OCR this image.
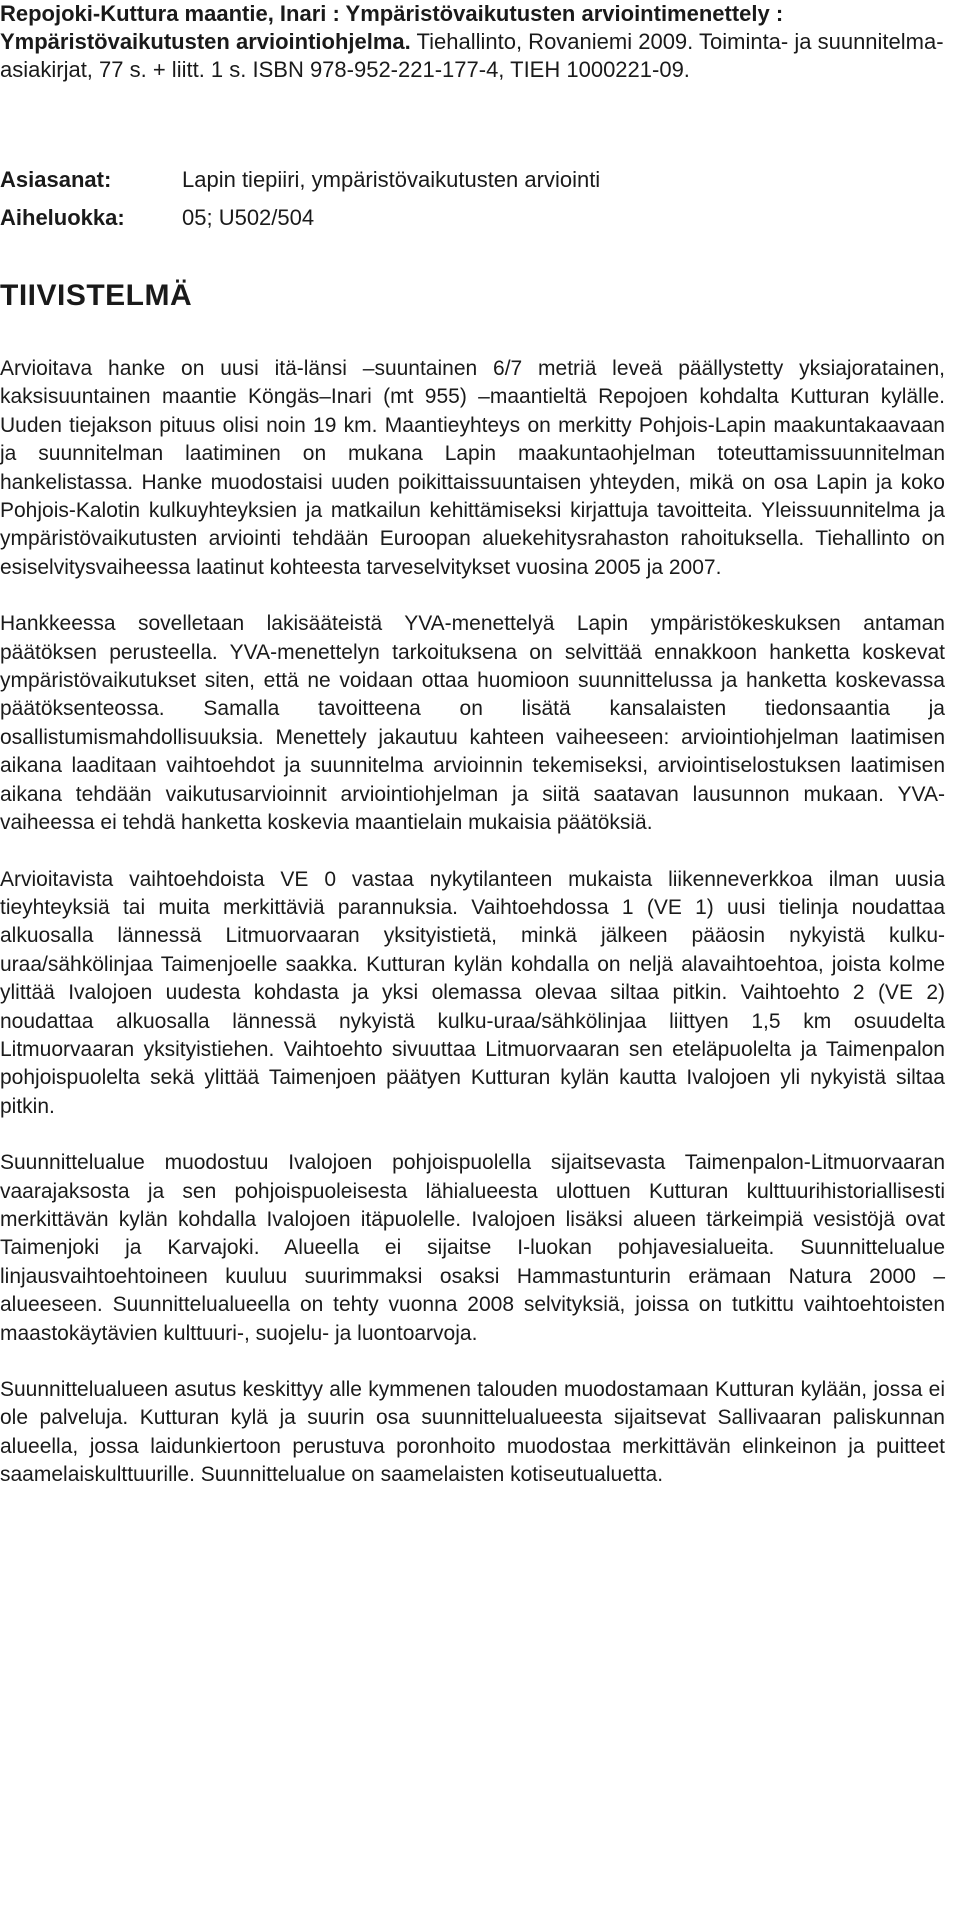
Repojoki-Kuttura maantie, Inari : Ympäristövaikutusten arviointimenettely : Ympäristövaikutusten arviointiohjelma. Tiehallinto, Rovaniemi 2009. Toiminta- ja suunnitelma-asiakirjat, 77 s. + liitt. 1 s. ISBN 978-952-221-177-4, TIEH 1000221-09.

Asiasanat:	Lapin tiepiiri, ympäristövaikutusten arviointi
Aiheluokka:	05; U502/504
TIIVISTELMÄ

Arvioitava hanke on uusi itä-länsi –suuntainen 6/7 metriä leveä päällystetty yksiajoratainen, kaksisuuntainen maantie Köngäs–Inari (mt 955) –maantieltä Repojoen kohdalta Kutturan kylälle. Uuden tiejakson pituus olisi noin 19 km. Maantieyhteys on merkitty Pohjois-Lapin maakuntakaavaan ja suunnitelman laatiminen on mukana Lapin maakuntaohjelman toteuttamissuunnitelman hankelistassa. Hanke muodostaisi uuden poikittaissuuntaisen yhteyden, mikä on osa Lapin ja koko Pohjois-Kalotin kulkuyhteyksien ja matkailun kehittämiseksi kirjattuja tavoitteita. Yleissuunnitelma ja ympäristövaikutusten arviointi tehdään Euroopan aluekehitysrahaston rahoituksella. Tiehallinto on esiselvitysvaiheessa laatinut kohteesta tarveselvitykset vuosina 2005 ja 2007.

Hankkeessa sovelletaan lakisääteistä YVA-menettelyä Lapin ympäristökeskuksen antaman päätöksen perusteella. YVA-menettelyn tarkoituksena on selvittää ennakkoon hanketta koskevat ympäristövaikutukset siten, että ne voidaan ottaa huomioon suunnittelussa ja hanketta koskevassa päätöksenteossa. Samalla tavoitteena on lisätä kansalaisten tiedonsaantia ja osallistumismahdollisuuksia. Menettely jakautuu kahteen vaiheeseen: arviointiohjelman laatimisen aikana laaditaan vaihtoehdot ja suunnitelma arvioinnin tekemiseksi, arviointiselostuksen laatimisen aikana tehdään vaikutusarvioinnit arviointiohjelman ja siitä saatavan lausunnon mukaan. YVA-vaiheessa ei tehdä hanketta koskevia maantielain mukaisia päätöksiä.

Arvioitavista vaihtoehdoista VE 0 vastaa nykytilanteen mukaista liikenneverkkoa ilman uusia tieyhteyksiä tai muita merkittäviä parannuksia. Vaihtoehdossa 1 (VE 1) uusi tielinja noudattaa alkuosalla lännessä Litmuorvaaran yksityistietä, minkä jälkeen pääosin nykyistä kulku-uraa/sähkölinjaa Taimenjoelle saakka. Kutturan kylän kohdalla on neljä alavaihtoehtoa, joista kolme ylittää Ivalojoen uudesta kohdasta ja yksi olemassa olevaa siltaa pitkin. Vaihtoehto 2 (VE 2) noudattaa alkuosalla lännessä nykyistä kulku-uraa/sähkölinjaa liittyen 1,5 km osuudelta Litmuorvaaran yksityistiehen. Vaihtoehto sivuuttaa Litmuorvaaran sen eteläpuolelta ja Taimenpalon pohjoispuolelta sekä ylittää Taimenjoen päätyen Kutturan kylän kautta Ivalojoen yli nykyistä siltaa pitkin.

Suunnittelualue muodostuu Ivalojoen pohjoispuolella sijaitsevasta Taimenpalon-Litmuorvaaran vaarajaksosta ja sen pohjoispuoleisesta lähialueesta ulottuen Kutturan kulttuurihistoriallisesti merkittävän kylän kohdalla Ivalojoen itäpuolelle. Ivalojoen lisäksi alueen tärkeimpiä vesistöjä ovat Taimenjoki ja Karvajoki. Alueella ei sijaitse I-luokan pohjavesialueita. Suunnittelualue linjausvaihtoehtoineen kuuluu suurimmaksi osaksi Hammastunturin erämaan Natura 2000 –alueeseen. Suunnittelualueella on tehty vuonna 2008 selvityksiä, joissa on tutkittu vaihtoehtoisten maastokäytävien kulttuuri-, suojelu- ja luontoarvoja.

Suunnittelualueen asutus keskittyy alle kymmenen talouden muodostamaan Kutturan kylään, jossa ei ole palveluja. Kutturan kylä ja suurin osa suunnittelualueesta sijaitsevat Sallivaaran paliskunnan alueella, jossa laidunkiertoon perustuva poronhoito muodostaa merkittävän elinkeinon ja puitteet saamelaiskulttuurille. Suunnittelualue on saamelaisten kotiseutualuetta.
